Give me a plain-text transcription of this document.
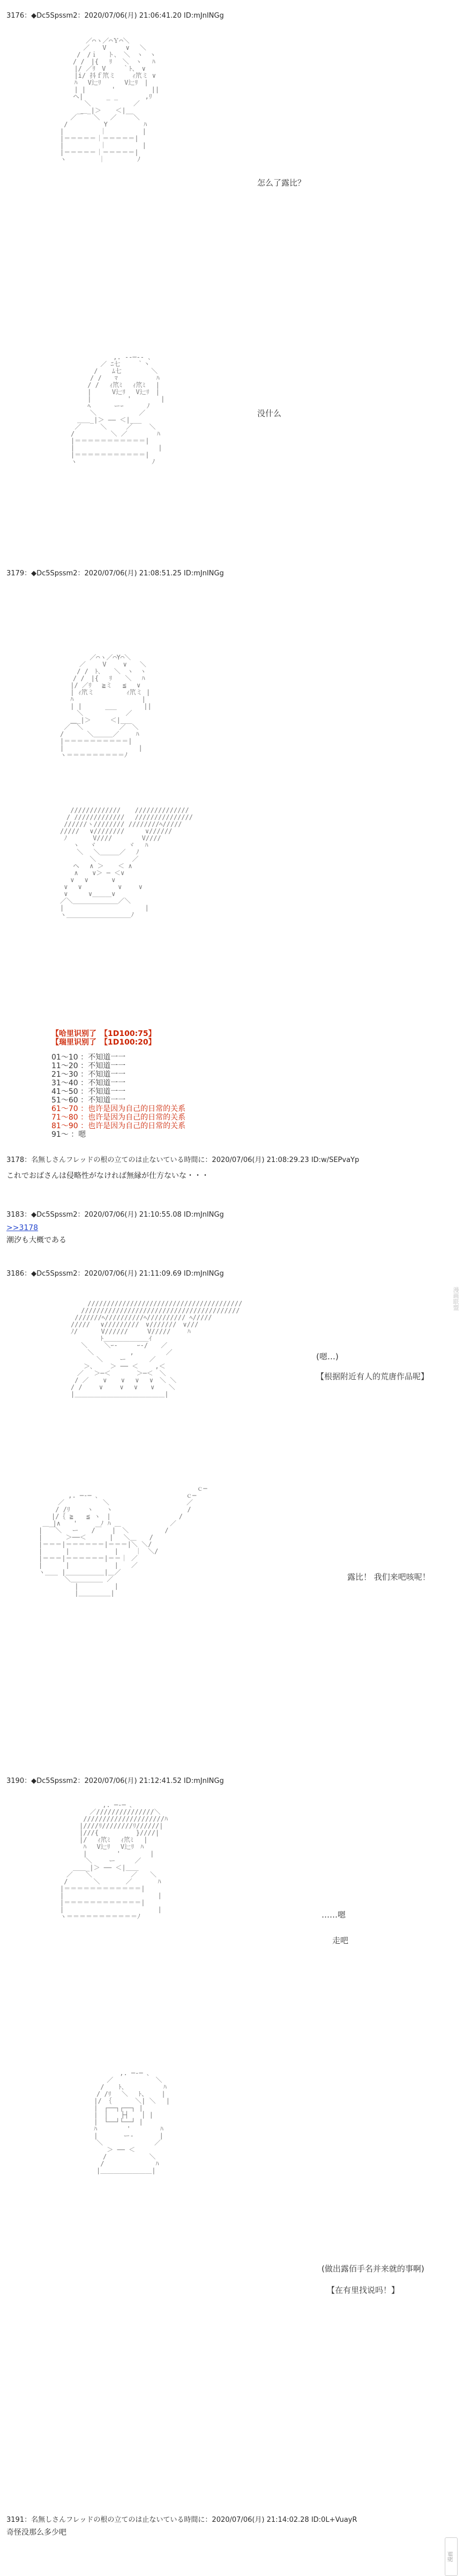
3176：◆Dc5Spssm2：2020/07/06(月) 21:06:41.20 ID:mJnINGg
　　　　　／⌒ヽ／⌒Ｙ⌒＼
　　　　 ／　　V　　　∨　 ＼
　　　 /　/ｉ　 ト､　＼　ヽ　ヽ
　　　/ /　|{ 　ﾘ　 ＼　ヽ　 ﾊ
　 　 |/ ／ﾘ　V　　 ｀ﾄ､　∨
　 　 |i/ 抖ｆ笊ミ　　 ｨ笊ミ ∨
　 　 ﾊ　 V辷ﾘ　　　 V辷ﾘ　|
　 　 | |　　　　'　　　　　 ||
　　　ヘ|　　　 _ _ 　　　 ,ﾘ
　 　 　 ＼　　　　　　 ／
　　 　 ＿_|＞ 　 ＜|__
　　 ／￣　 ＼　 ／　 ￣＼
　 /　　　　　 Y　　　　　 ﾊ
　|　　　　　 ｜　　　　　 |
　|＝＝＝＝＝｜＝＝＝＝＝|
　|　　　　　 ｜　　　　　 |
　|＝＝＝＝＝｜＝＝＝＝＝|
　ヽ　　　　　｜　　　　　ﾉ
怎么了露比？
　　　　　　　 ,. -‐─‐- ､
　　　　　 ／ ﾆ七　　 ｀丶
　　　　 / 　 ﾑ七　　　　 ＼
　　　　/ /　　ﾏ　　　　　　ﾊ
　　　 / /　 ｨ笊ﾐ　 ｨ笊ﾐ　 |
　　　 |　 　 V辷ﾘ　 V辷ﾘ　|
　　　 |　　　　　 '　　　　 |
　　　 ﾍ　　　 ーｰ　　　 ﾉ
　　　　＼　　　　　　 ／
　　＿＿_|＞ ―― ＜|___
　 ／　　　＼　　　／　　 ＼
　/　　　　　 ＼ ／　　　　 ﾊ
　|＝＝＝＝＝＝＝＝＝＝＝|
　|　　　　　　　　　　　　　|
　|＝＝＝＝＝＝＝＝＝＝＝|
　ヽ　　　　　　　　　　　 ﾉ
没什么
3179：◆Dc5Spssm2：2020/07/06(月) 21:08:51.25 ID:mJnINGg
　　　　　 ／⌒ヽ／⌒Y⌒＼
　　　　／　　 V　　 ∨　　＼
　　　 / /　ﾄ､　　＼　ヽ　ヽ
　　　/ /　|{　 ﾘ　　＼　 ﾊ
　　 |/ ／ﾘ　 ≧ミ　 ≦　 ∨
　　 | ｨ笊ミ　　　　　ｨ笊ミ |
　　 ﾊ 　　　　　　　　　　|
　　 | |　　　 ___ 　　　 ||
　　　 ＼　　　　　　 ／
　　 ＿_|＞　　　＜|__
　 ／￣＼　　　　　 ／￣＼
　/　　　 ＼＿＿＿／　　 ﾊ
　|＝＝＝＝＝＝＝＝＝＝|
　|　　　　　　　　　　　 |
　ヽ＝＝＝＝＝＝＝＝＝ﾉ
　　 ///////////// 　 //////////////
　　/ /////////////　 ///////////////
　 //////ヽ//////// ////////ﾍ/////
　/////　 ∨//////// 　　 ∨//////
　 ﾉ　　　　V////　　　　 V////
　　　ヽ　 ヾ　　　　　ヾ　 ﾊ
　　　 ＼　 ＼＿＿＿／　 ﾉ
　　　　　 ＼　　　　　 ／
　　　ヘ　 ∧ ＞ 　 ＜ ∧
　 　 ∧ 　 ∨＞ ─ ＜∨
　　 ∨　 ∨　　　 ∨
　 ∨ 　∨　　　　　 ∨　　 ∨
　 ∨ 　　 ∨＿＿＿∨
　／＼＿＿＿＿＿＿＿／＼
　|　　　　　　　　　　　　 |
　ヽ＿＿＿＿＿＿＿＿＿＿ﾉ
【哈里识别了　【1D100:75】
【瑞里识别了　【1D100:20】
01～10 ：不知道一一
11～20 ：不知道一一
21～30 ：不知道一一
31～40 ：不知道一一
41～50 ：不知道一一
51～60 ：不知道一一
61～70 ：也许是因为自己的日常的关系
71～80 ：也许是因为自己的日常的关系
81～90 ：也许是因为自己的日常的关系
91～ ：嗯
3178：名無しさんフレッドの根の立てのは止ないている時間に：2020/07/06(月) 21:08:29.23 ID:w/SEPvaYp
これでおばさんは侵略性がなければ無縁が仕方ないな・・・
3183：◆Dc5Spssm2：2020/07/06(月) 21:10:55.08 ID:mJnINGg
>>3178
潮汐も大概である
3186：◆Dc5Spssm2：2020/07/06(月) 21:11:09.69 ID:mJnINGg
　　　 ////////////////////////////////////////
　　 /////////////////////////////////////////
　 ///////ﾍ//////////ﾍ////////// ﾍ/////
　/////　 ∨/////////　∨///////　∨///
　ﾉ/　　　 V//////　　　V/////　　 ﾊ
　　　　　 ﾄ＿＿＿＿＿＿＿ｲ
　　 ＼　　 ＼ｰ‐　　　ｰ‐/　　／
　　　 ＼　　　　　 ,　　　　　／
　　　　　＼　　 ー　　　 ／
　　　＞､　　 ＞ ── ＜　　 ,＜
　　／　 ＞─＜　　　　＞─＜　＼
　 / ／ 　 ∨ 　 ∨　 ∨　 ∨　＼ ＼
　/ /　　 ∨　　 ∨ 　∨　　∨ 　 ＼
　|＿＿＿＿＿＿＿＿＿＿＿＿＿＿|
(嗯…)
【根据附近有人的荒唐作品呢】
　　　　　　　　　　　　　　　　　　　　　　　　　 ｃ─
　　　　　 ,. ─‐─ ､　　　　　　　　　　　　　 ｃ─
　　　　／　　　　　　＼　　　　　　　　　　　　／
　　　 / /ﾘ　　 ヽ　　ヽ　　　　　　　　　　　 /
　　　|/｛ ≧　　≦ ヽ　|　　　　　　　　　　 /
　 ＿ |∧　　'　　　 ﾉ ﾊ ＿　　　　　　　 ／
　|　￣＼　 ー　　/￣　 |　＼　　　　　 /
　|　　　 ＞──＜　　　 |　 ＼＿　　/
　|＝＝＝|＝＝＝＝＝＝|＝＝＝|＼ ＼/
　|　　　 |　　　　　　　|　　 ｜　＼/
　|＝＝＝|＝＝＝＝＝＝|＝＝｜ ／
　|　　　 |　　　　　　　|　　／
　ヽ＿＿ |＿＿＿＿＿＿|＿／
　　　　　＼＿＿＿＿＿ ／
　　　　　　 |　　　　　 |
　　　　　　 |＿＿＿＿＿|
露比！ 我们来吧咳呢！
3190：◆Dc5Spssm2：2020/07/06(月) 21:12:41.52 ID:mJnINGg
　　　　　　　 ,. ─‐─ ､
　　　　　 ／///////////////＼
　　　　 /////////////////////ﾊ
　　　　|////ﾘ////////ﾘ//////|
　　　　|///{ 　　　 　 }////|
　　　　|/ 　ｨ笊ﾐ 　ｨ笊ﾐ 　|
　　　　 ﾊ　 V辷ﾘ　 V辷ﾘ　ﾊ
　　　　 |　　　　 '　　　　 |
　　　　　＼　　 ー　　　／
　　　＿＿_|＞ ── ＜|＿＿
　　／　　＼　　　　　　／　　＼
　 /　　　　＼　　　　／　　　　ﾊ
　|＝＝＝＝＝＝＝＝＝＝＝＝|
　|　　　　　　　　　　　　　　 |
　|＝＝＝＝＝＝＝＝＝＝＝＝|
　|　　　　　　　　　　　　　　 |
　ヽ＝＝＝＝＝＝＝＝＝＝＝ﾉ	……嗯
走吧
　　　　　　　　 ,. ─‐─ ､
　　　　　　 ／　　　　　　 ＼
　　　　　 / 　 ﾄ､　　　　　　ﾊ
　　　　　/ /ﾘ　 ＼ 　ﾄ、　　 |
　　　　 |/ ｛　　 　＼| ＼ 　|
　　　　 |　┌──┐┌──┐ |
　　　　 |　│　　├┤　　│ |
　　　　 |　└──┘└──┘ |
　　　　 ﾊ　　　　 '　　　　 ﾊ
　　　　 |　　　　ー‐　　　　|
　　　　　＼　　　　　　　　／
　　　　　　 ＞ ── ＜
　　　　　　/　　　　　　 ＼
　　　　　 /　　　　　　　　ﾊ
　　　　　|＿＿＿＿＿＿＿＿|
(做出露佰手名并来就的事啊)
【在有里找说吗！】
3191：名無しさんフレッドの根の立てのは止ないている時間に：2020/07/06(月) 21:14:02.28 ID:0L+VuayR
奇怪没那么多少吧
漫画联盟
漫画
